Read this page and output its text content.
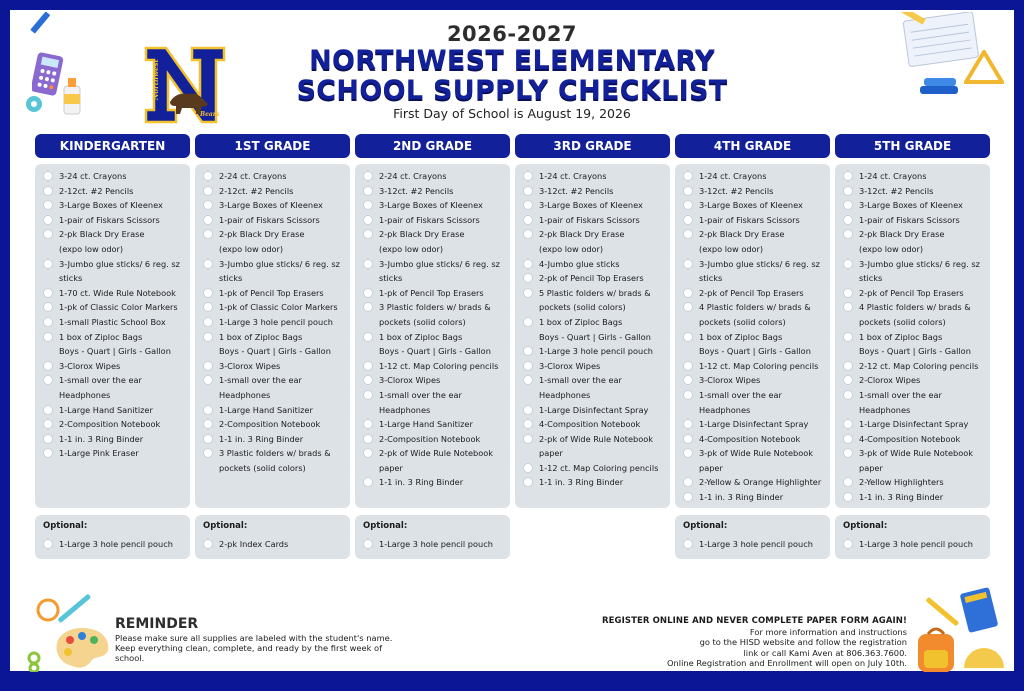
2026-2027
NORTHWEST ELEMENTARY
SCHOOL SUPPLY CHECKLIST
First Day of School is August 19, 2026
Northwest
Bears
KINDERGARTEN
3-24 ct. Crayons
2-12ct. #2 Pencils
3-Large Boxes of Kleenex
1-pair of Fiskars Scissors
2-pk Black Dry Erase
(expo low odor)
3-Jumbo glue sticks/ 6 reg. sz
sticks
1-70 ct. Wide Rule Notebook
1-pk of Classic Color Markers
1-small Plastic School Box
1 box of Ziploc Bags
Boys - Quart | Girls - Gallon
3-Clorox Wipes
1-small over the ear
Headphones
1-Large Hand Sanitizer
2-Composition Notebook
1-1 in. 3 Ring Binder
1-Large Pink Eraser
Optional:
1-Large 3 hole pencil pouch
1ST GRADE
2-24 ct. Crayons
2-12ct. #2 Pencils
3-Large Boxes of Kleenex
1-pair of Fiskars Scissors
2-pk Black Dry Erase
(expo low odor)
3-Jumbo glue sticks/ 6 reg. sz
sticks
1-pk of Pencil Top Erasers
1-pk of Classic Color Markers
1-Large 3 hole pencil pouch
1 box of Ziploc Bags
Boys - Quart | Girls - Gallon
3-Clorox Wipes
1-small over the ear
Headphones
1-Large Hand Sanitizer
2-Composition Notebook
1-1 in. 3 Ring Binder
3 Plastic folders w/ brads &
pockets (solid colors)
Optional:
2-pk Index Cards
2ND GRADE
2-24 ct. Crayons
3-12ct. #2 Pencils
3-Large Boxes of Kleenex
1-pair of Fiskars Scissors
2-pk Black Dry Erase
(expo low odor)
3-Jumbo glue sticks/ 6 reg. sz
sticks
1-pk of Pencil Top Erasers
3 Plastic folders w/ brads &
pockets (solid colors)
1 box of Ziploc Bags
Boys - Quart | Girls - Gallon
1-12 ct. Map Coloring pencils
3-Clorox Wipes
1-small over the ear
Headphones
1-Large Hand Sanitizer
2-Composition Notebook
2-pk of Wide Rule Notebook
paper
1-1 in. 3 Ring Binder
Optional:
1-Large 3 hole pencil pouch
3RD GRADE
1-24 ct. Crayons
3-12ct. #2 Pencils
3-Large Boxes of Kleenex
1-pair of Fiskars Scissors
2-pk Black Dry Erase
(expo low odor)
4-Jumbo glue sticks
2-pk of Pencil Top Erasers
5 Plastic folders w/ brads &
pockets (solid colors)
1 box of Ziploc Bags
Boys - Quart | Girls - Gallon
1-Large 3 hole pencil pouch
3-Clorox Wipes
1-small over the ear
Headphones
1-Large Disinfectant Spray
4-Composition Notebook
2-pk of Wide Rule Notebook
paper
1-12 ct. Map Coloring pencils
1-1 in. 3 Ring Binder
4TH GRADE
1-24 ct. Crayons
3-12ct. #2 Pencils
3-Large Boxes of Kleenex
1-pair of Fiskars Scissors
2-pk Black Dry Erase
(expo low odor)
3-Jumbo glue sticks/ 6 reg. sz
sticks
2-pk of Pencil Top Erasers
4 Plastic folders w/ brads &
pockets (solid colors)
1 box of Ziploc Bags
Boys - Quart | Girls - Gallon
1-12 ct. Map Coloring pencils
3-Clorox Wipes
1-small over the ear
Headphones
1-Large Disinfectant Spray
4-Composition Notebook
3-pk of Wide Rule Notebook
paper
2-Yellow & Orange Highlighter
1-1 in. 3 Ring Binder
Optional:
1-Large 3 hole pencil pouch
5TH GRADE
1-24 ct. Crayons
3-12ct. #2 Pencils
3-Large Boxes of Kleenex
1-pair of Fiskars Scissors
2-pk Black Dry Erase
(expo low odor)
3-Jumbo glue sticks/ 6 reg. sz
sticks
2-pk of Pencil Top Erasers
4 Plastic folders w/ brads &
pockets (solid colors)
1 box of Ziploc Bags
Boys - Quart | Girls - Gallon
2-12 ct. Map Coloring pencils
2-Clorox Wipes
1-small over the ear
Headphones
1-Large Disinfectant Spray
4-Composition Notebook
3-pk of Wide Rule Notebook
paper
2-Yellow Highlighters
1-1 in. 3 Ring Binder
Optional:
1-Large 3 hole pencil pouch
REMINDER
Please make sure all supplies are labeled with the student's name. Keep everything clean, complete, and ready by the first week of school.
REGISTER ONLINE AND NEVER COMPLETE PAPER FORM AGAIN!
For more information and instructions
go to the HISD website and follow the registration
link or call Kami Aven at 806.363.7600.
Online Registration and Enrollment will open on July 10th.
